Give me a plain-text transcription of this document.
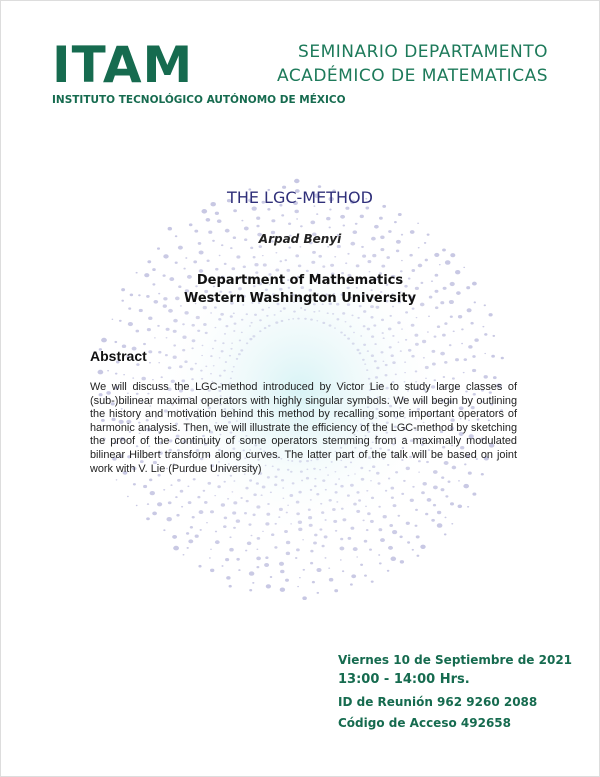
ITAM
INSTITUTO TECNOLÓGICO AUTÓNOMO DE MÉXICO
SEMINARIO DEPARTAMENTO
ACADÉMICO DE MATEMATICAS
THE LGC-METHOD
Arpad Benyi
Department of Mathematics
Western Washington University
Abstract
We will discuss the LGC-method introduced by Victor Lie to study large classes of (sub-)bilinear maximal operators with highly singular symbols. We will begin by outlining the history and motivation behind this method by recalling some important operators of harmonic analysis. Then, we will illustrate the efficiency of the LGC-method by sketching the proof of the continuity of some operators stemming from a maximally modulated bilinear Hilbert transform along curves. The latter part of the talk will be based on joint work with V. Lie (Purdue University)
Viernes 10 de Septiembre de 2021
13:00 - 14:00 Hrs.
ID de Reunión 962 9260 2088
Código de Acceso 492658
